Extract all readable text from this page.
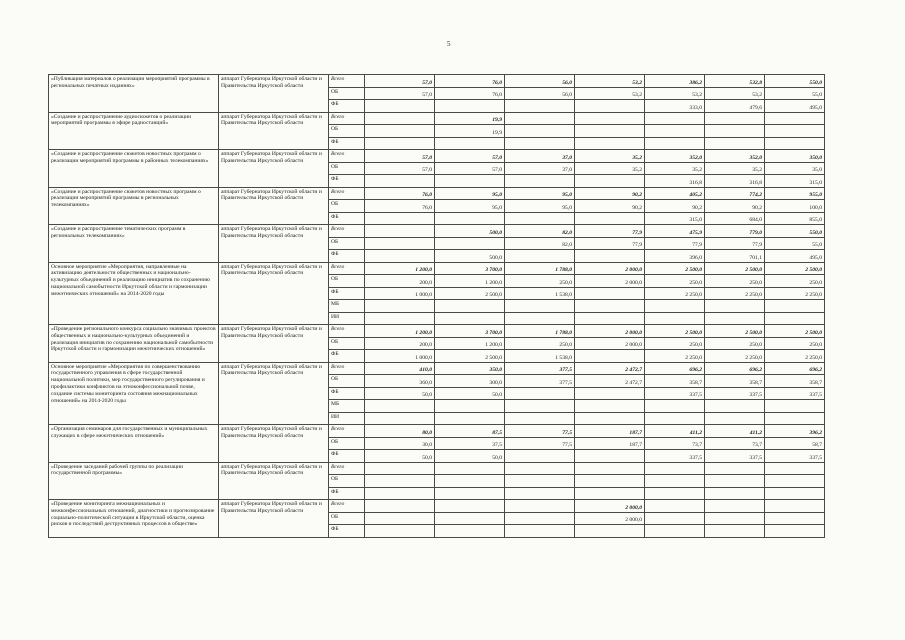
5
«Публикация материалов о реализации мероприятий программы в региональных печатных изданиях»	аппарат Губернатора Иркутской области и Правительства Иркутской области	Всего	57,0	76,0	56,0	53,2	386,2	532,8	550,0
		ОБ	57,0	76,0	56,0	53,2	53,2	53,2	55,0
		ФБ					333,0	479,6	495,0
«Создание и распространение аудиосюжетов о реализации мероприятий программы в эфире радиостанций»	аппарат Губернатора Иркутской области и Правительства Иркутской области	Всего		19,9					
		ОБ		19,9					
		ФБ							
«Создание и распространение сюжетов новостных программ о реализации мероприятий программы в районных телекомпаниях»	аппарат Губернатора Иркутской области и Правительства Иркутской области	Всего	57,0	57,0	37,0	35,2	352,0	352,0	350,0
		ОБ	57,0	57,0	37,0	35,2	35,2	35,2	35,0
		ФБ					316,8	316,8	315,0
«Создание и распространение сюжетов новостных программ о реализации мероприятий программы в региональных телекомпаниях»	аппарат Губернатора Иркутской области и Правительства Иркутской области	Всего	76,0	95,0	95,0	90,2	405,2	774,2	955,0
		ОБ	76,0	95,0	95,0	90,2	90,2	90,2	100,0
		ФБ					315,0	684,0	855,0
«Создание и распространение тематических программ в региональных телекомпаниях»	аппарат Губернатора Иркутской области и Правительства Иркутской области	Всего		500,0	82,0	77,9	475,9	779,0	550,0
		ОБ			82,0	77,9	77,9	77,9	55,0
		ФБ		500,0			396,0	701,1	495,0
Основное мероприятие «Мероприятия, направленные на активизацию деятельности общественных и национально-культурных объединений и реализацию инициатив по сохранению национальной самобытности Иркутской области и гармонизации межэтнических отношений» на 2014-2020 годы	аппарат Губернатора Иркутской области и Правительства Иркутской области	Всего	1 200,0	3 700,0	1 788,0	2 000,0	2 500,0	2 500,0	2 500,0
		ОБ	200,0	1 200,0	250,0	2 000,0	250,0	250,0	250,0
		ФБ	1 000,0	2 500,0	1 538,0		2 250,0	2 250,0	2 250,0
		МБ							
		ИИ							
«Проведение регионального конкурса социально значимых проектов общественных и национально-культурных объединений и реализация инициатив по сохранению национальной самобытности Иркутской области и гармонизации межэтнических отношений»	аппарат Губернатора Иркутской области и Правительства Иркутской области	Всего	1 200,0	3 700,0	1 788,0	2 000,0	2 500,0	2 500,0	2 500,0
		ОБ	200,0	1 200,0	250,0	2 000,0	250,0	250,0	250,0
		ФБ	1 000,0	2 500,0	1 538,0		2 250,0	2 250,0	2 250,0
Основное мероприятие «Мероприятия по совершенствованию государственного управления в сфере государственной национальной политики, мер государственного регулирования и профилактики конфликтов на этноконфессиональной почве, создание системы мониторинга состояния межнациональных отношений» на 2014-2020 годы	аппарат Губернатора Иркутской области и Правительства Иркутской области	Всего	410,0	350,0	377,5	2 472,7	696,2	696,2	696,2
		ОБ	360,0	300,0	377,5	2 472,7	358,7	358,7	358,7
		ФБ	50,0	50,0			337,5	337,5	337,5
		МБ							
		ИИ							
«Организация семинаров для государственных и муниципальных служащих в сфере межэтнических отношений»	аппарат Губернатора Иркутской области и Правительства Иркутской области	Всего	80,0	87,5	77,5	187,7	411,2	411,2	396,2
		ОБ	30,0	37,5	77,5	187,7	73,7	73,7	58,7
		ФБ	50,0	50,0			337,5	337,5	337,5
«Проведение заседаний рабочей группы по реализации государственной программы»	аппарат Губернатора Иркутской области и Правительства Иркутской области	Всего							
		ОБ							
		ФБ							
«Проведение мониторинга межнациональных и межконфессиональных отношений, диагностики и прогнозирование социально-политической ситуации в Иркутской области, оценка рисков и последствий деструктивных процессов в обществе»	аппарат Губернатора Иркутской области и Правительства Иркутской области	Всего				2 000,0			
		ОБ				2 000,0			
		ФБ							
